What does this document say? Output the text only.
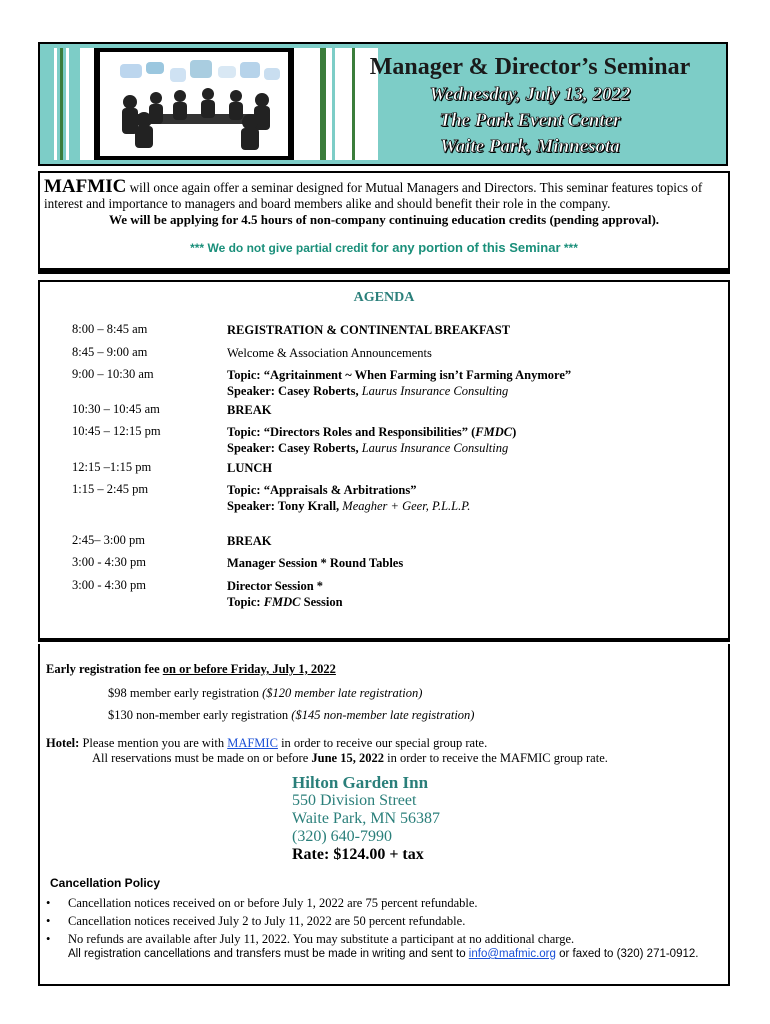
Manager & Director’s Seminar
Wednesday, July 13, 2022
The Park Event Center
Waite Park, Minnesota

MAFMIC will once again offer a seminar designed for Mutual Managers and Directors. This seminar features topics of interest and importance to managers and board members alike and should benefit their role in the company.

We will be applying for 4.5 hours of non-company continuing education credits (pending approval).

*** We do not give partial credit for any portion of this Seminar ***

AGENDA
8:00 – 8:45 am	REGISTRATION & CONTINENTAL BREAKFAST
8:45 – 9:00 am	Welcome & Association Announcements
9:00 – 10:30 am	Topic: “Agritainment ~ When Farming isn’t Farming Anymore”
Speaker: Casey Roberts, Laurus Insurance Consulting
10:30 – 10:45 am	BREAK
10:45 – 12:15 pm	Topic: “Directors Roles and Responsibilities” (FMDC)
Speaker: Casey Roberts, Laurus Insurance Consulting
12:15 –1:15 pm	LUNCH
1:15 – 2:45 pm	Topic: “Appraisals & Arbitrations”
Speaker: Tony Krall, Meagher + Geer, P.L.L.P.
2:45– 3:00 pm	BREAK
3:00 - 4:30 pm	Manager Session * Round Tables
3:00 - 4:30 pm	Director Session *
Topic: FMDC Session
Early registration fee on or before Friday, July 1, 2022
$98 member early registration ($120 member late registration)
$130 non-member early registration ($145 non-member late registration)
Hotel: Please mention you are with MAFMIC in order to receive our special group rate.
All reservations must be made on or before June 15, 2022 in order to receive the MAFMIC group rate.
Hilton Garden Inn
550 Division Street
Waite Park, MN 56387
(320) 640-7990
Rate: $124.00 + tax
Cancellation Policy
• Cancellation notices received on or before July 1, 2022 are 75 percent refundable.
• Cancellation notices received July 2 to July 11, 2022 are 50 percent refundable.
• No refunds are available after July 11, 2022. You may substitute a participant at no additional charge.
All registration cancellations and transfers must be made in writing and sent to info@mafmic.org or faxed to (320) 271-0912.
